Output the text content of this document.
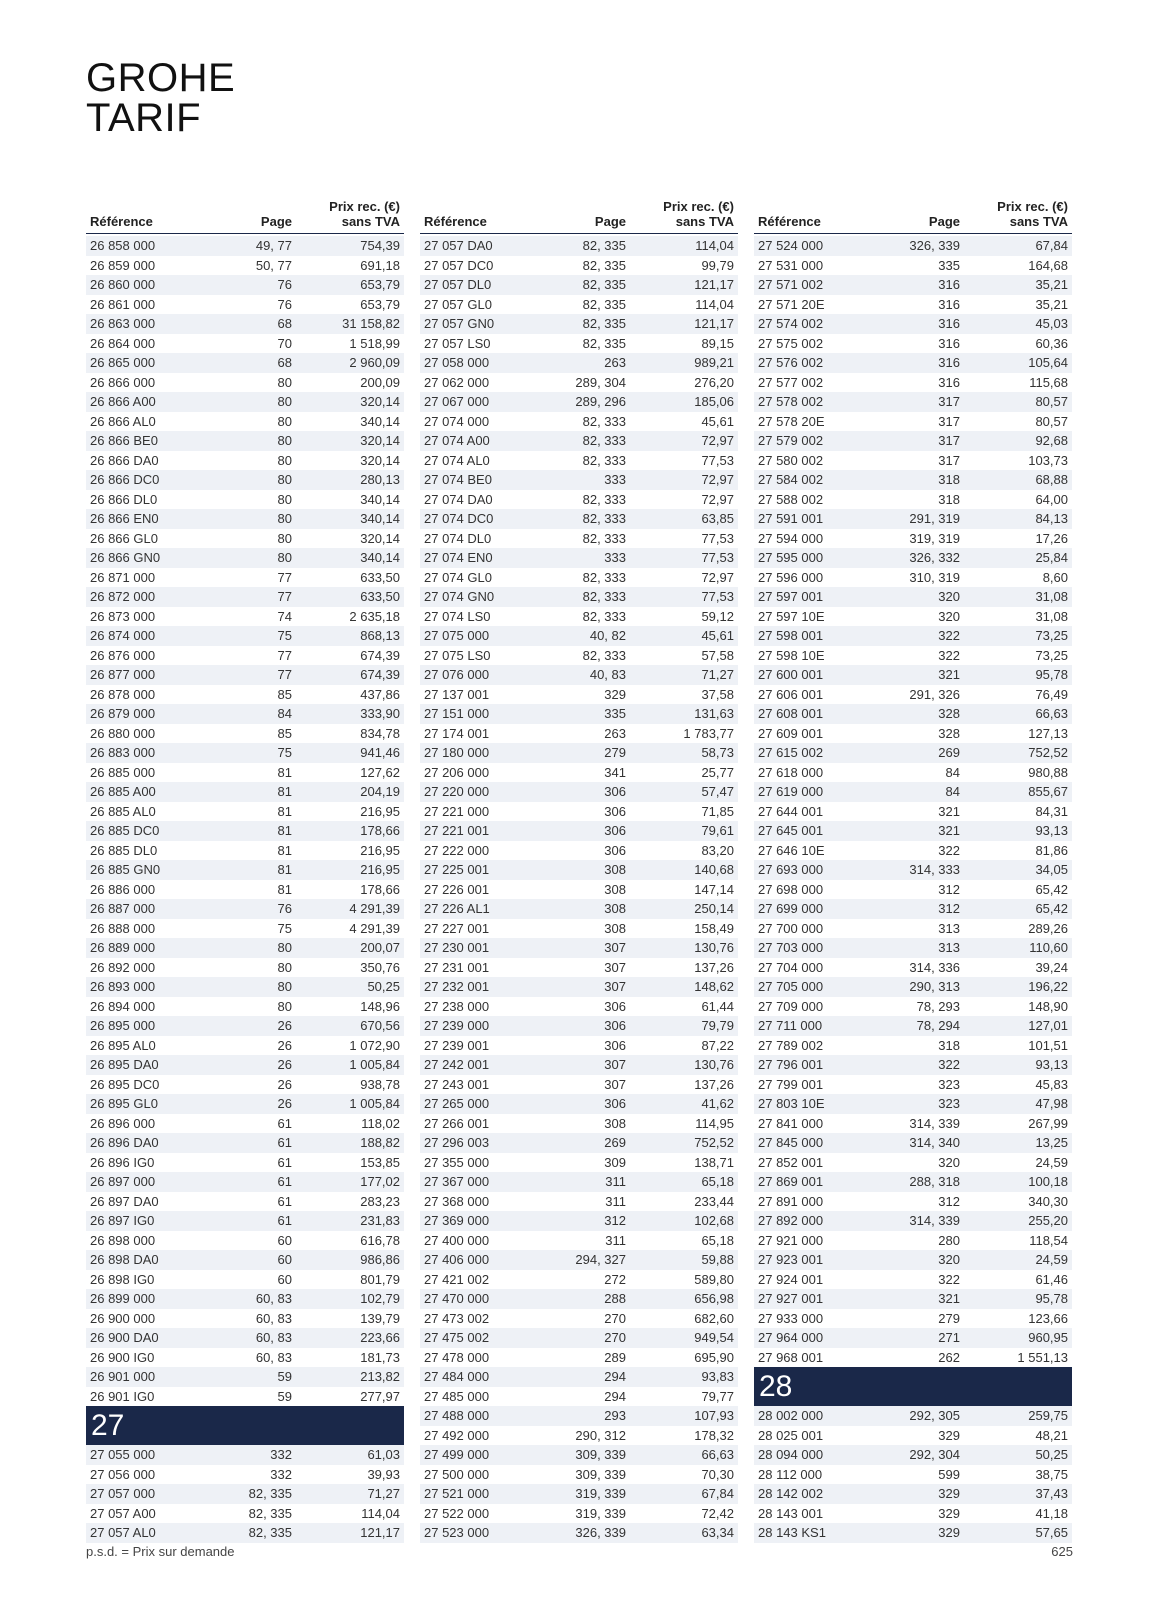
GROHE
TARIF
Référence	Page
Prix rec. (€)
sans TVA
26 858 000	49, 77	754,39
26 859 000	50, 77	691,18
26 860 000	76	653,79
26 861 000	76	653,79
26 863 000	68	31 158,82
26 864 000	70	1 518,99
26 865 000	68	2 960,09
26 866 000	80	200,09
26 866 A00	80	320,14
26 866 AL0	80	340,14
26 866 BE0	80	320,14
26 866 DA0	80	320,14
26 866 DC0	80	280,13
26 866 DL0	80	340,14
26 866 EN0	80	340,14
26 866 GL0	80	320,14
26 866 GN0	80	340,14
26 871 000	77	633,50
26 872 000	77	633,50
26 873 000	74	2 635,18
26 874 000	75	868,13
26 876 000	77	674,39
26 877 000	77	674,39
26 878 000	85	437,86
26 879 000	84	333,90
26 880 000	85	834,78
26 883 000	75	941,46
26 885 000	81	127,62
26 885 A00	81	204,19
26 885 AL0	81	216,95
26 885 DC0	81	178,66
26 885 DL0	81	216,95
26 885 GN0	81	216,95
26 886 000	81	178,66
26 887 000	76	4 291,39
26 888 000	75	4 291,39
26 889 000	80	200,07
26 892 000	80	350,76
26 893 000	80	50,25
26 894 000	80	148,96
26 895 000	26	670,56
26 895 AL0	26	1 072,90
26 895 DA0	26	1 005,84
26 895 DC0	26	938,78
26 895 GL0	26	1 005,84
26 896 000	61	118,02
26 896 DA0	61	188,82
26 896 IG0	61	153,85
26 897 000	61	177,02
26 897 DA0	61	283,23
26 897 IG0	61	231,83
26 898 000	60	616,78
26 898 DA0	60	986,86
26 898 IG0	60	801,79
26 899 000	60, 83	102,79
26 900 000	60, 83	139,79
26 900 DA0	60, 83	223,66
26 900 IG0	60, 83	181,73
26 901 000	59	213,82
26 901 IG0	59	277,97
27
27 055 000	332	61,03
27 056 000	332	39,93
27 057 000	82, 335	71,27
27 057 A00	82, 335	114,04
27 057 AL0	82, 335	121,17
Référence	Page
Prix rec. (€)
sans TVA
27 057 DA0	82, 335	114,04
27 057 DC0	82, 335	99,79
27 057 DL0	82, 335	121,17
27 057 GL0	82, 335	114,04
27 057 GN0	82, 335	121,17
27 057 LS0	82, 335	89,15
27 058 000	263	989,21
27 062 000	289, 304	276,20
27 067 000	289, 296	185,06
27 074 000	82, 333	45,61
27 074 A00	82, 333	72,97
27 074 AL0	82, 333	77,53
27 074 BE0	333	72,97
27 074 DA0	82, 333	72,97
27 074 DC0	82, 333	63,85
27 074 DL0	82, 333	77,53
27 074 EN0	333	77,53
27 074 GL0	82, 333	72,97
27 074 GN0	82, 333	77,53
27 074 LS0	82, 333	59,12
27 075 000	40, 82	45,61
27 075 LS0	82, 333	57,58
27 076 000	40, 83	71,27
27 137 001	329	37,58
27 151 000	335	131,63
27 174 001	263	1 783,77
27 180 000	279	58,73
27 206 000	341	25,77
27 220 000	306	57,47
27 221 000	306	71,85
27 221 001	306	79,61
27 222 000	306	83,20
27 225 001	308	140,68
27 226 001	308	147,14
27 226 AL1	308	250,14
27 227 001	308	158,49
27 230 001	307	130,76
27 231 001	307	137,26
27 232 001	307	148,62
27 238 000	306	61,44
27 239 000	306	79,79
27 239 001	306	87,22
27 242 001	307	130,76
27 243 001	307	137,26
27 265 000	306	41,62
27 266 001	308	114,95
27 296 003	269	752,52
27 355 000	309	138,71
27 367 000	311	65,18
27 368 000	311	233,44
27 369 000	312	102,68
27 400 000	311	65,18
27 406 000	294, 327	59,88
27 421 002	272	589,80
27 470 000	288	656,98
27 473 002	270	682,60
27 475 002	270	949,54
27 478 000	289	695,90
27 484 000	294	93,83
27 485 000	294	79,77
27 488 000	293	107,93
27 492 000	290, 312	178,32
27 499 000	309, 339	66,63
27 500 000	309, 339	70,30
27 521 000	319, 339	67,84
27 522 000	319, 339	72,42
27 523 000	326, 339	63,34
Référence	Page
Prix rec. (€)
sans TVA
27 524 000	326, 339	67,84
27 531 000	335	164,68
27 571 002	316	35,21
27 571 20E	316	35,21
27 574 002	316	45,03
27 575 002	316	60,36
27 576 002	316	105,64
27 577 002	316	115,68
27 578 002	317	80,57
27 578 20E	317	80,57
27 579 002	317	92,68
27 580 002	317	103,73
27 584 002	318	68,88
27 588 002	318	64,00
27 591 001	291, 319	84,13
27 594 000	319, 319	17,26
27 595 000	326, 332	25,84
27 596 000	310, 319	8,60
27 597 001	320	31,08
27 597 10E	320	31,08
27 598 001	322	73,25
27 598 10E	322	73,25
27 600 001	321	95,78
27 606 001	291, 326	76,49
27 608 001	328	66,63
27 609 001	328	127,13
27 615 002	269	752,52
27 618 000	84	980,88
27 619 000	84	855,67
27 644 001	321	84,31
27 645 001	321	93,13
27 646 10E	322	81,86
27 693 000	314, 333	34,05
27 698 000	312	65,42
27 699 000	312	65,42
27 700 000	313	289,26
27 703 000	313	110,60
27 704 000	314, 336	39,24
27 705 000	290, 313	196,22
27 709 000	78, 293	148,90
27 711 000	78, 294	127,01
27 789 002	318	101,51
27 796 001	322	93,13
27 799 001	323	45,83
27 803 10E	323	47,98
27 841 000	314, 339	267,99
27 845 000	314, 340	13,25
27 852 001	320	24,59
27 869 001	288, 318	100,18
27 891 000	312	340,30
27 892 000	314, 339	255,20
27 921 000	280	118,54
27 923 001	320	24,59
27 924 001	322	61,46
27 927 001	321	95,78
27 933 000	279	123,66
27 964 000	271	960,95
27 968 001	262	1 551,13
28
28 002 000	292, 305	259,75
28 025 001	329	48,21
28 094 000	292, 304	50,25
28 112 000	599	38,75
28 142 002	329	37,43
28 143 001	329	41,18
28 143 KS1	329	57,65
p.s.d. = Prix sur demande	625
